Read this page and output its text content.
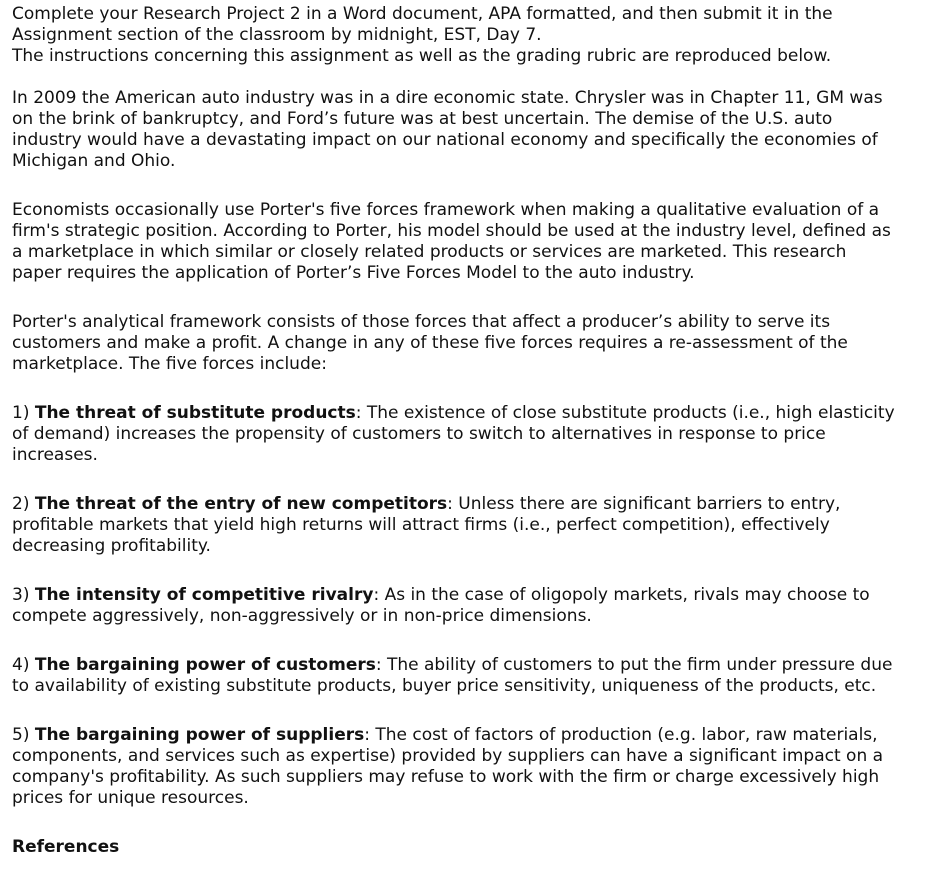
Complete your Research Project 2 in a Word document, APA formatted, and then submit it in the
Assignment section of the classroom by midnight, EST, Day 7.
The instructions concerning this assignment as well as the grading rubric are reproduced below.
In 2009 the American auto industry was in a dire economic state. Chrysler was in Chapter 11, GM was
on the brink of bankruptcy, and Ford’s future was at best uncertain. The demise of the U.S. auto
industry would have a devastating impact on our national economy and specifically the economies of
Michigan and Ohio.
Economists occasionally use Porter's five forces framework when making a qualitative evaluation of a
firm's strategic position. According to Porter, his model should be used at the industry level, defined as
a marketplace in which similar or closely related products or services are marketed. This research
paper requires the application of Porter’s Five Forces Model to the auto industry.
Porter's analytical framework consists of those forces that affect a producer’s ability to serve its
customers and make a profit. A change in any of these five forces requires a re-assessment of the
marketplace. The five forces include:
1) The threat of substitute products: The existence of close substitute products (i.e., high elasticity
of demand) increases the propensity of customers to switch to alternatives in response to price
increases.
2) The threat of the entry of new competitors: Unless there are significant barriers to entry,
profitable markets that yield high returns will attract firms (i.e., perfect competition), effectively
decreasing profitability.
3) The intensity of competitive rivalry: As in the case of oligopoly markets, rivals may choose to
compete aggressively, non-aggressively or in non-price dimensions.
4) The bargaining power of customers: The ability of customers to put the firm under pressure due
to availability of existing substitute products, buyer price sensitivity, uniqueness of the products, etc.
5) The bargaining power of suppliers: The cost of factors of production (e.g. labor, raw materials,
components, and services such as expertise) provided by suppliers can have a significant impact on a
company's profitability. As such suppliers may refuse to work with the firm or charge excessively high
prices for unique resources.
References
